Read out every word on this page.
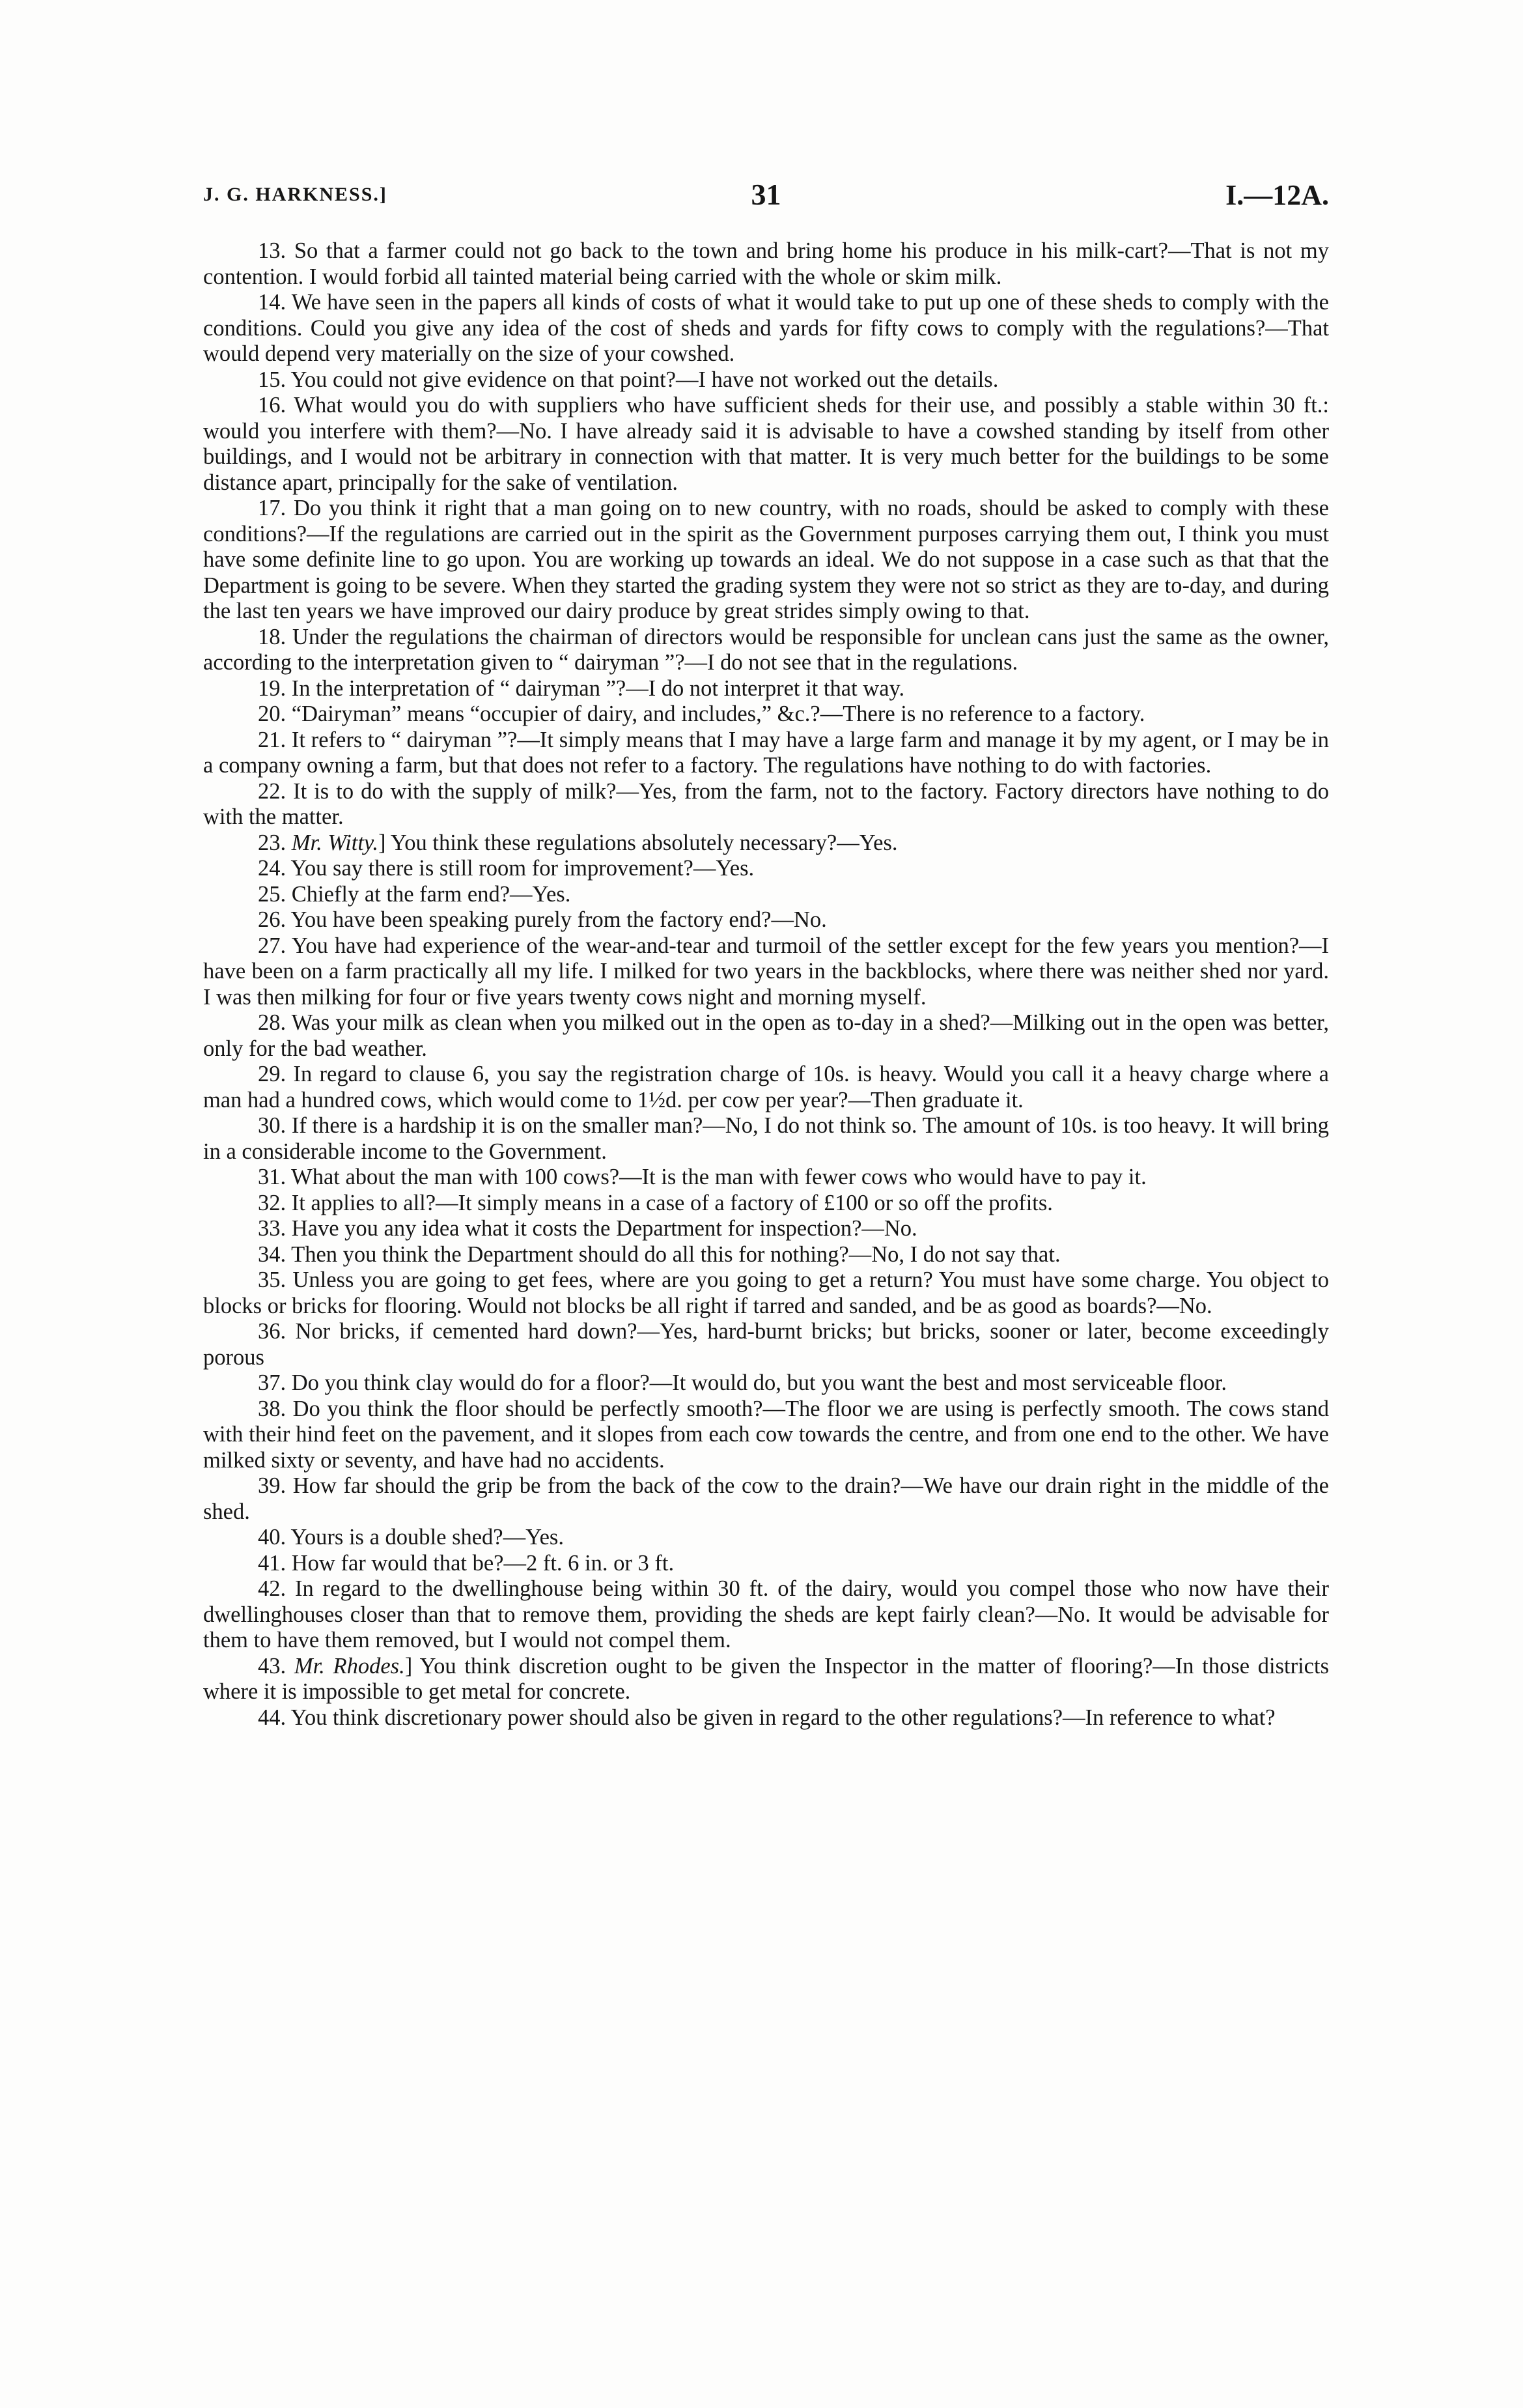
J. G. HARKNESS.]	31	I.—12A.

13. So that a farmer could not go back to the town and bring home his produce in his milk-cart?—That is not my contention. I would forbid all tainted material being carried with the whole or skim milk.

14. We have seen in the papers all kinds of costs of what it would take to put up one of these sheds to comply with the conditions. Could you give any idea of the cost of sheds and yards for fifty cows to comply with the regulations?—That would depend very materially on the size of your cowshed.

15. You could not give evidence on that point?—I have not worked out the details.

16. What would you do with suppliers who have sufficient sheds for their use, and possibly a stable within 30 ft.: would you interfere with them?—No. I have already said it is advisable to have a cowshed standing by itself from other buildings, and I would not be arbitrary in connection with that matter. It is very much better for the buildings to be some distance apart, principally for the sake of ventilation.

17. Do you think it right that a man going on to new country, with no roads, should be asked to comply with these conditions?—If the regulations are carried out in the spirit as the Government purposes carrying them out, I think you must have some definite line to go upon. You are working up towards an ideal. We do not suppose in a case such as that that the Department is going to be severe. When they started the grading system they were not so strict as they are to-day, and during the last ten years we have improved our dairy produce by great strides simply owing to that.

18. Under the regulations the chairman of directors would be responsible for unclean cans just the same as the owner, according to the interpretation given to “ dairyman ”?—I do not see that in the regulations.

19. In the interpretation of “ dairyman ”?—I do not interpret it that way.

20. “Dairyman” means “occupier of dairy, and includes,” &c.?—There is no reference to a factory.

21. It refers to “ dairyman ”?—It simply means that I may have a large farm and manage it by my agent, or I may be in a company owning a farm, but that does not refer to a factory. The regulations have nothing to do with factories.

22. It is to do with the supply of milk?—Yes, from the farm, not to the factory. Factory directors have nothing to do with the matter.

23. Mr. Witty.] You think these regulations absolutely necessary?—Yes.

24. You say there is still room for improvement?—Yes.

25. Chiefly at the farm end?—Yes.

26. You have been speaking purely from the factory end?—No.

27. You have had experience of the wear-and-tear and turmoil of the settler except for the few years you mention?—I have been on a farm practically all my life. I milked for two years in the backblocks, where there was neither shed nor yard. I was then milking for four or five years twenty cows night and morning myself.

28. Was your milk as clean when you milked out in the open as to-day in a shed?—Milking out in the open was better, only for the bad weather.

29. In regard to clause 6, you say the registration charge of 10s. is heavy. Would you call it a heavy charge where a man had a hundred cows, which would come to 1½d. per cow per year?—Then graduate it.

30. If there is a hardship it is on the smaller man?—No, I do not think so. The amount of 10s. is too heavy. It will bring in a considerable income to the Government.

31. What about the man with 100 cows?—It is the man with fewer cows who would have to pay it.

32. It applies to all?—It simply means in a case of a factory of £100 or so off the profits.

33. Have you any idea what it costs the Department for inspection?—No.

34. Then you think the Department should do all this for nothing?—No, I do not say that.

35. Unless you are going to get fees, where are you going to get a return? You must have some charge. You object to blocks or bricks for flooring. Would not blocks be all right if tarred and sanded, and be as good as boards?—No.

36. Nor bricks, if cemented hard down?—Yes, hard-burnt bricks; but bricks, sooner or later, become exceedingly porous

37. Do you think clay would do for a floor?—It would do, but you want the best and most serviceable floor.

38. Do you think the floor should be perfectly smooth?—The floor we are using is perfectly smooth. The cows stand with their hind feet on the pavement, and it slopes from each cow towards the centre, and from one end to the other. We have milked sixty or seventy, and have had no accidents.

39. How far should the grip be from the back of the cow to the drain?—We have our drain right in the middle of the shed.

40. Yours is a double shed?—Yes.

41. How far would that be?—2 ft. 6 in. or 3 ft.

42. In regard to the dwellinghouse being within 30 ft. of the dairy, would you compel those who now have their dwellinghouses closer than that to remove them, providing the sheds are kept fairly clean?—No. It would be advisable for them to have them removed, but I would not compel them.

43. Mr. Rhodes.] You think discretion ought to be given the Inspector in the matter of flooring?—In those districts where it is impossible to get metal for concrete.

44. You think discretionary power should also be given in regard to the other regulations?—In reference to what?
